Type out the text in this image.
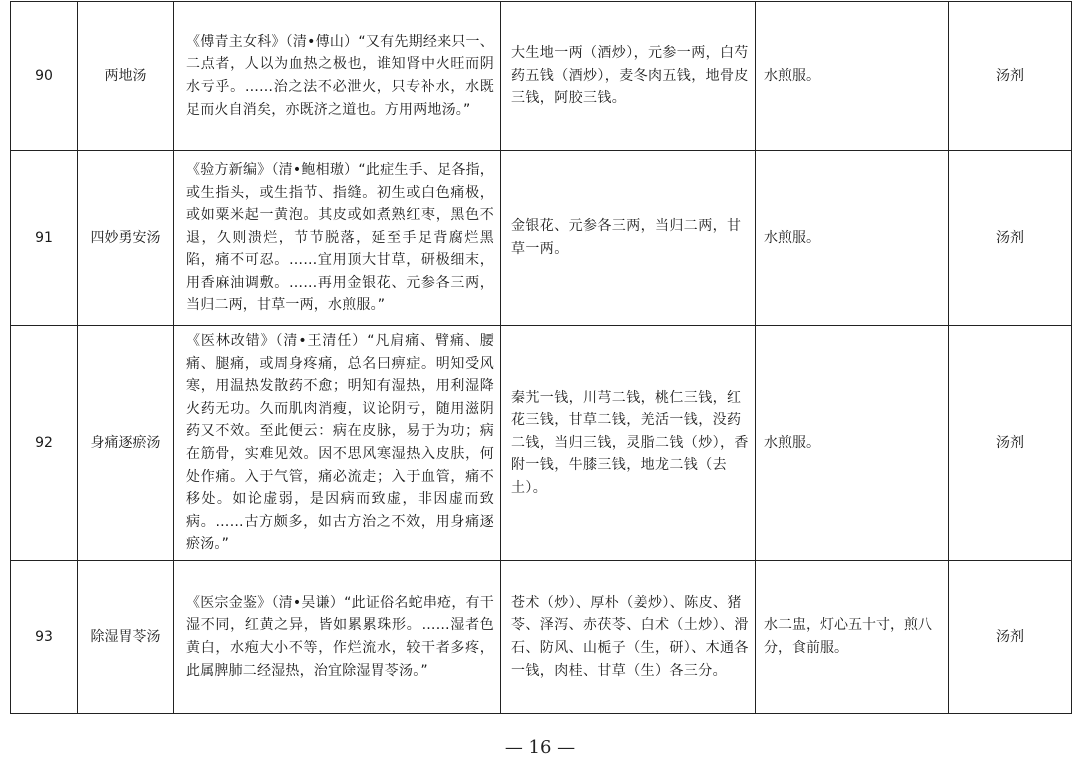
90	两地汤	《傅青主女科》（清•傅山）“又有先期经来只一、二点者，人以为血热之极也，谁知肾中火旺而阴水亏乎。……治之法不必泄火，只专补水，水既足而火自消矣，亦既济之道也。方用两地汤。”	大生地一两（酒炒），元参一两，白芍药五钱（酒炒），麦冬肉五钱，地骨皮三钱，阿胶三钱。	水煎服。	汤剂
91	四妙勇安汤	《验方新编》（清•鲍相璈）“此症生手、足各指，或生指头，或生指节、指缝。初生或白色痛极，或如粟米起一黄泡。其皮或如煮熟红枣，黑色不退，久则溃烂，节节脱落，延至手足背腐烂黑陷，痛不可忍。……宜用顶大甘草，研极细末，用香麻油调敷。……再用金银花、元参各三两，当归二两，甘草一两，水煎服。”	金银花、元参各三两，当归二两，甘草一两。	水煎服。	汤剂
92	身痛逐瘀汤	《医林改错》（清•王清任）“凡肩痛、臂痛、腰痛、腿痛，或周身疼痛，总名曰痹症。明知受风寒，用温热发散药不愈；明知有湿热，用利湿降火药无功。久而肌肉消瘦，议论阴亏，随用滋阴药又不效。至此便云：病在皮脉，易于为功；病在筋骨，实难见效。因不思风寒湿热入皮肤，何处作痛。入于气管，痛必流走；入于血管，痛不移处。如论虚弱，是因病而致虚，非因虚而致病。……古方颇多，如古方治之不效，用身痛逐瘀汤。”	秦艽一钱，川芎二钱，桃仁三钱，红花三钱，甘草二钱，羌活一钱，没药二钱，当归三钱，灵脂二钱（炒），香附一钱，牛膝三钱，地龙二钱（去土）。	水煎服。	汤剂
93	除湿胃苓汤	《医宗金鉴》（清•吴谦）“此证俗名蛇串疮，有干湿不同，红黄之异，皆如累累珠形。……湿者色黄白，水疱大小不等，作烂流水，较干者多疼，此属脾肺二经湿热，治宜除湿胃苓汤。”	苍术（炒）、厚朴（姜炒）、陈皮、猪苓、泽泻、赤茯苓、白术（土炒）、滑石、防风、山栀子（生，研）、木通各一钱，肉桂、甘草（生）各三分。	水二盅，灯心五十寸，煎八分，食前服。	汤剂
— 16 —
